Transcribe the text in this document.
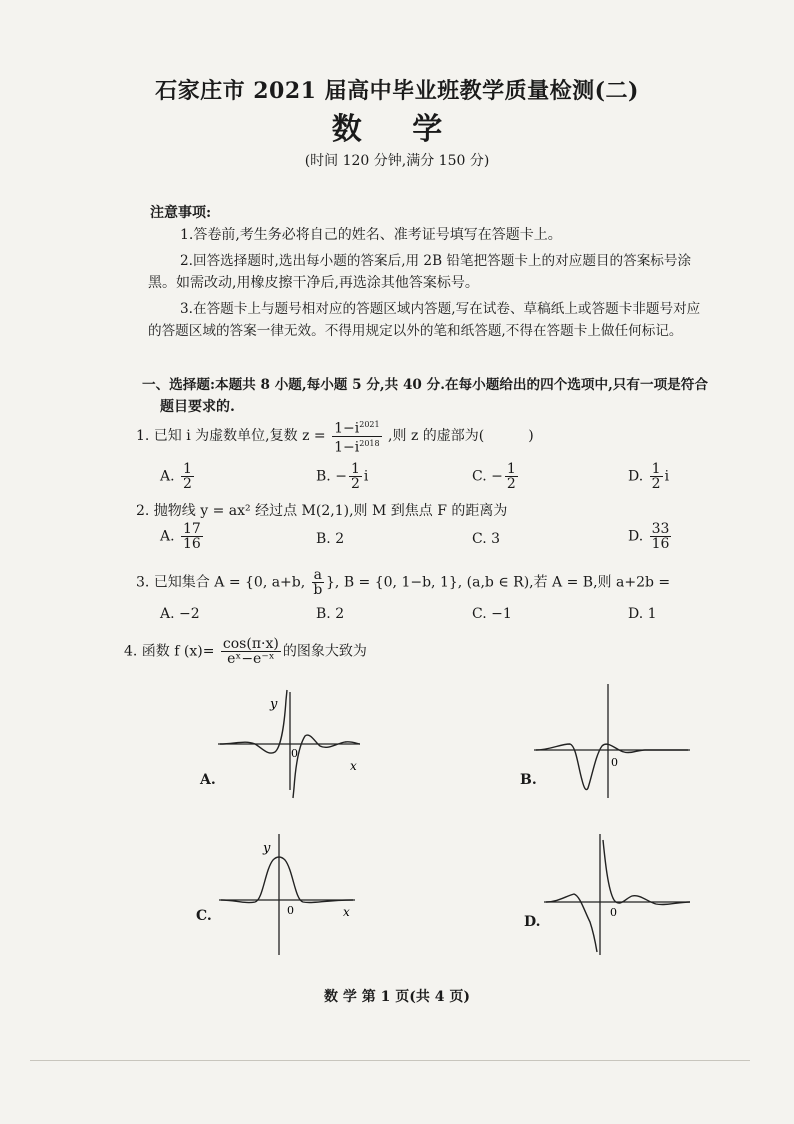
石家庄市 2021 届高中毕业班教学质量检测(二)
数 学
(时间 120 分钟,满分 150 分)
注意事项:
1.答卷前,考生务必将自己的姓名、准考证号填写在答题卡上。
2.回答选择题时,选出每小题的答案后,用 2B 铅笔把答题卡上的对应题目的答案标号涂
黑。如需改动,用橡皮擦干净后,再选涂其他答案标号。
3.在答题卡上与题号相对应的答题区域内答题,写在试卷、草稿纸上或答题卡非题号对应
的答题区域的答案一律无效。不得用规定以外的笔和纸答题,不得在答题卡上做任何标记。
一、选择题:本题共 8 小题,每小题 5 分,共 40 分.在每小题给出的四个选项中,只有一项是符合
题目要求的.
1. 已知 i 为虚数单位,复数 $z = \frac{1-i^{2021}}{1-i^{2018}}$ ,则 z 的虚部为(	)
A. $\frac{1}{2}$	B. − $\frac{1}{2}$ i	C. − $\frac{1}{2}$	D. $\frac{1}{2}$ i
2. 抛物线 y = ax² 经过点 M(2,1),则 M 到焦点 F 的距离为
A. $\frac{17}{16}$	B. 2	C. 3	D. $\frac{33}{16}$
3. 已知集合 A = {0, a+b, $\frac{a}{b}$ }, B = {0, 1−b, 1}, (a,b ∈ R),若 A = B,则 a+2b =
A. −2	B. 2	C. −1	D. 1
4. 函数 f $(x)= \frac{\cos(\pi\cdot x)}{\text{eˣ−e⁻ˣ}}$ 的图象大致为
y
x
0
A.
0
B.
y
x
0
C.	0
D.
数 学 第 1 页(共 4 页)
